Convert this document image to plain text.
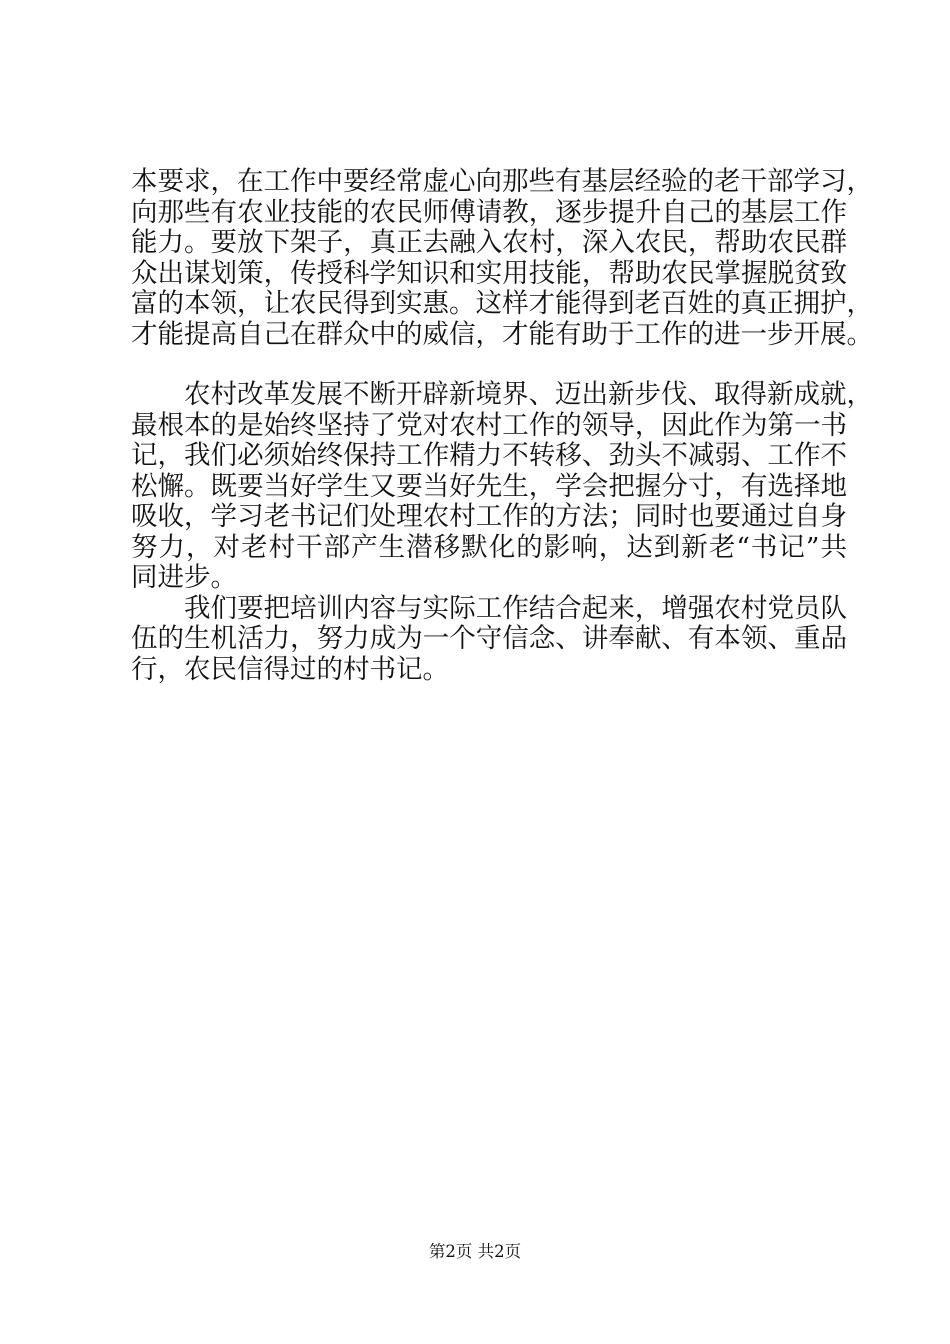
本要求，在工作中要经常虚心向那些有基层经验的老干部学习，
向那些有农业技能的农民师傅请教，逐步提升自己的基层工作
能力。要放下架子，真正去融入农村，深入农民，帮助农民群
众出谋划策，传授科学知识和实用技能，帮助农民掌握脱贫致
富的本领，让农民得到实惠。这样才能得到老百姓的真正拥护，
才能提高自己在群众中的威信，才能有助于工作的进一步开展。
农村改革发展不断开辟新境界、迈出新步伐、取得新成就，
最根本的是始终坚持了党对农村工作的领导，因此作为第一书
记，我们必须始终保持工作精力不转移、劲头不减弱、工作不
松懈。既要当好学生又要当好先生，学会把握分寸，有选择地
吸收，学习老书记们处理农村工作的方法；同时也要通过自身
努力，对老村干部产生潜移默化的影响，达到新老“书记”共
同进步。
我们要把培训内容与实际工作结合起来，增强农村党员队
伍的生机活力，努力成为一个守信念、讲奉献、有本领、重品
行，农民信得过的村书记。
第2页 共2页
